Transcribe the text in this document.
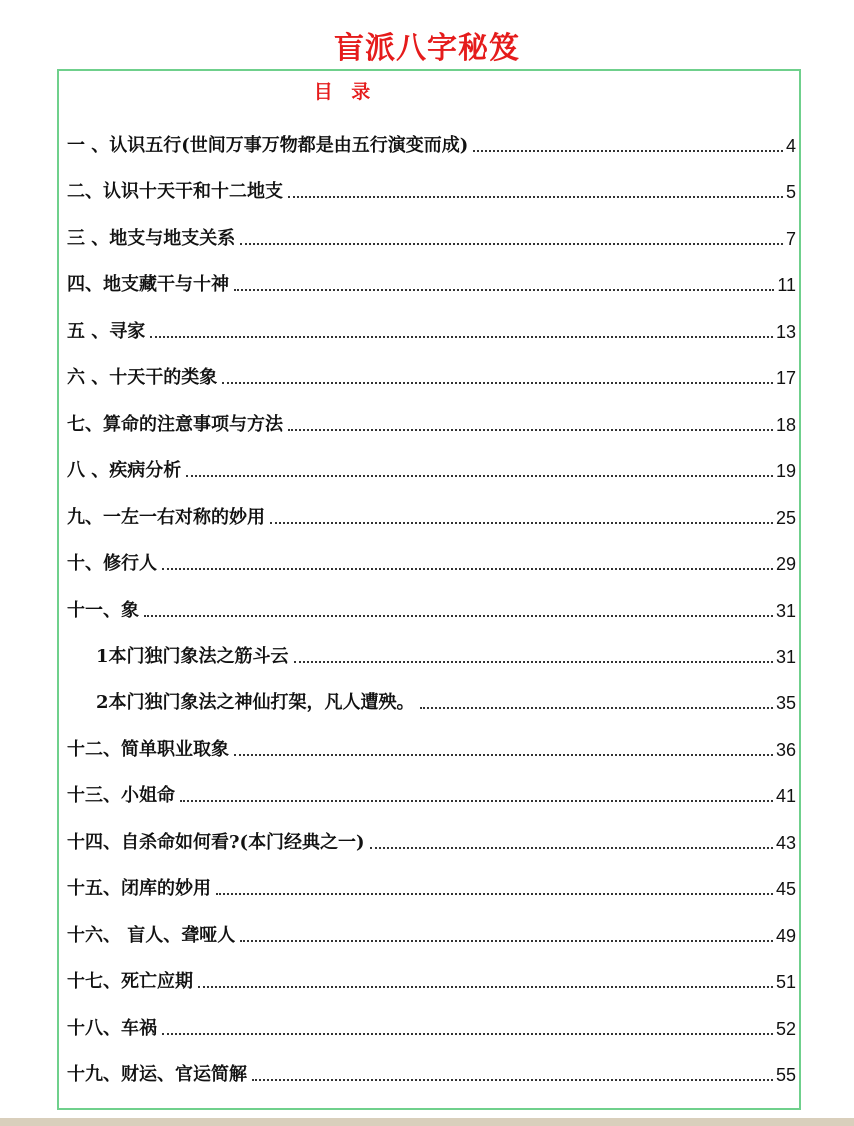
盲派八字秘笈
目 录
一 、认识五行(世间万事万物都是由五行演变而成)	4
二、认识十天干和十二地支	5
三 、地支与地支关系	7
四、地支藏干与十神	11
五 、寻家	13
六 、十天干的类象	17
七、算命的注意事项与方法	18
八 、疾病分析	19
九、一左一右对称的妙用	25
十、修行人	29
十一、象	31
1本门独门象法之筋斗云	31
2本门独门象法之神仙打架，凡人遭殃。	35
十二、简单职业取象	36
十三、小姐命	41
十四、自杀命如何看?(本门经典之一)	43
十五、闭库的妙用	45
十六、 盲人、聋哑人	49
十七、死亡应期	51
十八、车祸	52
十九、财运、官运简解	55
